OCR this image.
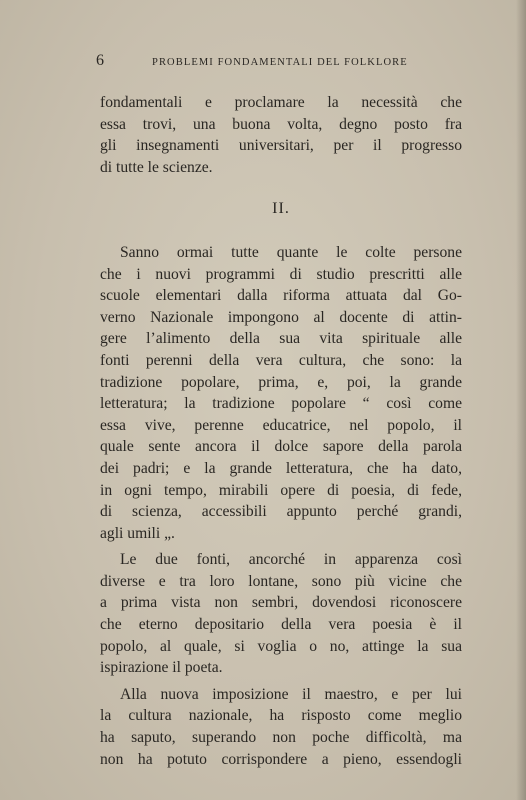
6	PROBLEMI FONDAMENTALI DEL FOLKLORE

fondamentali e proclamare la necessità che
essa trovi, una buona volta, degno posto fra
gli insegnamenti universitari, per il progresso
di tutte le scienze.

II.

Sanno ormai tutte quante le colte persone
che i nuovi programmi di studio prescritti alle
scuole elementari dalla riforma attuata dal Go-
verno Nazionale impongono al docente di attin-
gere l’alimento della sua vita spirituale alle
fonti perenni della vera cultura, che sono: la
tradizione popolare, prima, e, poi, la grande
letteratura; la tradizione popolare “ così come
essa vive, perenne educatrice, nel popolo, il
quale sente ancora il dolce sapore della parola
dei padri; e la grande letteratura, che ha dato,
in ogni tempo, mirabili opere di poesia, di fede,
di scienza, accessibili appunto perché grandi,
agli umili „.

Le due fonti, ancorché in apparenza così
diverse e tra loro lontane, sono più vicine che
a prima vista non sembri, dovendosi riconoscere
che eterno depositario della vera poesia è il
popolo, al quale, si voglia o no, attinge la sua
ispirazione il poeta.

Alla nuova imposizione il maestro, e per lui
la cultura nazionale, ha risposto come meglio
ha saputo, superando non poche difficoltà, ma
non ha potuto corrispondere a pieno, essendogli
